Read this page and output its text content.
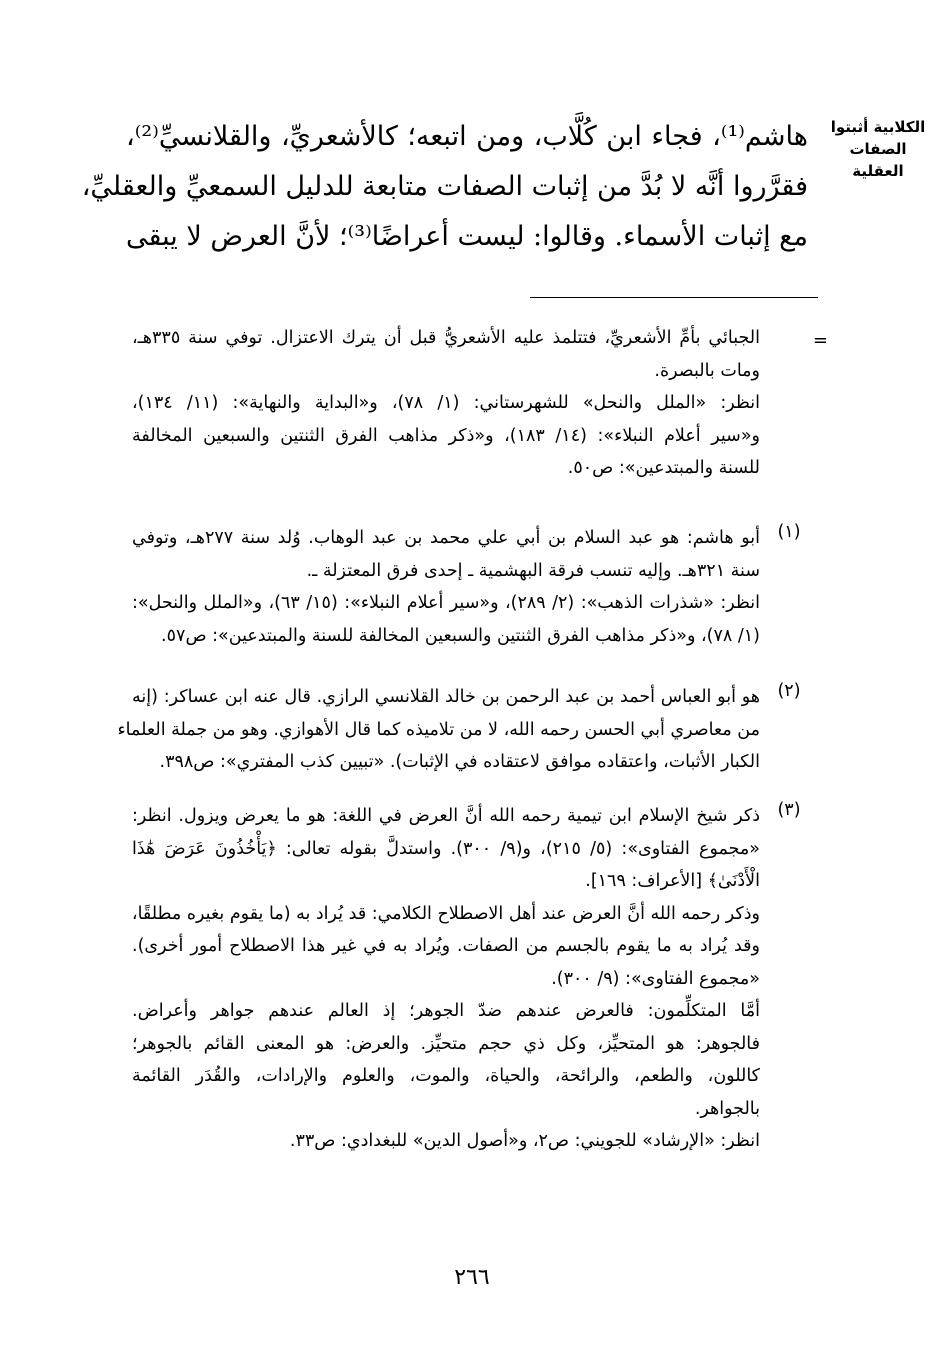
الكلابية أثبتوا
الصفات العقلية
هاشم⁽¹⁾، فجاء ابن كُلَّاب، ومن اتبعه؛ كالأشعريِّ، والقلانسيِّ⁽²⁾،
فقرَّروا أنَّه لا بُدَّ من إثبات الصفات متابعة للدليل السمعيِّ والعقليِّ،
مع إثبات الأسماء. وقالوا: ليست أعراضًا⁽³⁾؛ لأنَّ العرض لا يبقى
=
الجبائي بأمِّ الأشعريِّ، فتتلمذ عليه الأشعريُّ قبل أن يترك الاعتزال. توفي سنة ٣٣٥هـ،
ومات بالبصرة.
انظر: «الملل والنحل» للشهرستاني: (١/ ٧٨)، و«البداية والنهاية»: (١١/ ١٣٤)،
و«سير أعلام النبلاء»: (١٤/ ١٨٣)، و«ذكر مذاهب الفرق الثنتين والسبعين المخالفة
للسنة والمبتدعين»: ص٥٠.
(١)
أبو هاشم: هو عبد السلام بن أبي علي محمد بن عبد الوهاب. وُلد سنة ٢٧٧هـ، وتوفي
سنة ٣٢١هـ. وإليه تنسب فرقة البهشمية ـ إحدى فرق المعتزلة ـ.
انظر: «شذرات الذهب»: (٢/ ٢٨٩)، و«سير أعلام النبلاء»: (١٥/ ٦٣)، و«الملل والنحل»:
(١/ ٧٨)، و«ذكر مذاهب الفرق الثنتين والسبعين المخالفة للسنة والمبتدعين»: ص٥٧.
(٢)
هو أبو العباس أحمد بن عبد الرحمن بن خالد القلانسي الرازي. قال عنه ابن عساكر: (إنه
من معاصري أبي الحسن رحمه الله، لا من تلاميذه كما قال الأهوازي. وهو من جملة العلماء
الكبار الأثبات، واعتقاده موافق لاعتقاده في الإثبات). «تبيين كذب المفتري»: ص٣٩٨.
(٣)
ذكر شيخ الإسلام ابن تيمية رحمه الله أنَّ العرض في اللغة: هو ما يعرض ويزول. انظر:
«مجموع الفتاوى»: (٥/ ٢١٥)، و(٩/ ٣٠٠). واستدلَّ بقوله تعالى: ﴿يَأْخُذُونَ عَرَضَ هَٰذَا
الْأَدْنَىٰ﴾ [الأعراف: ١٦٩].
وذكر رحمه الله أنَّ العرض عند أهل الاصطلاح الكلامي: قد يُراد به (ما يقوم بغيره مطلقًا،
وقد يُراد به ما يقوم بالجسم من الصفات. ويُراد به في غير هذا الاصطلاح أمور أخرى).
«مجموع الفتاوى»: (٩/ ٣٠٠).
أمَّا المتكلِّمون: فالعرض عندهم ضدّ الجوهر؛ إذ العالم عندهم جواهر وأعراض.
فالجوهر: هو المتحيِّز، وكل ذي حجم متحيِّز. والعرض: هو المعنى القائم بالجوهر؛
كاللون، والطعم، والرائحة، والحياة، والموت، والعلوم والإرادات، والقُدَر القائمة
بالجواهر.
انظر: «الإرشاد» للجويني: ص٢، و«أصول الدين» للبغدادي: ص٣٣.
٢٦٦
